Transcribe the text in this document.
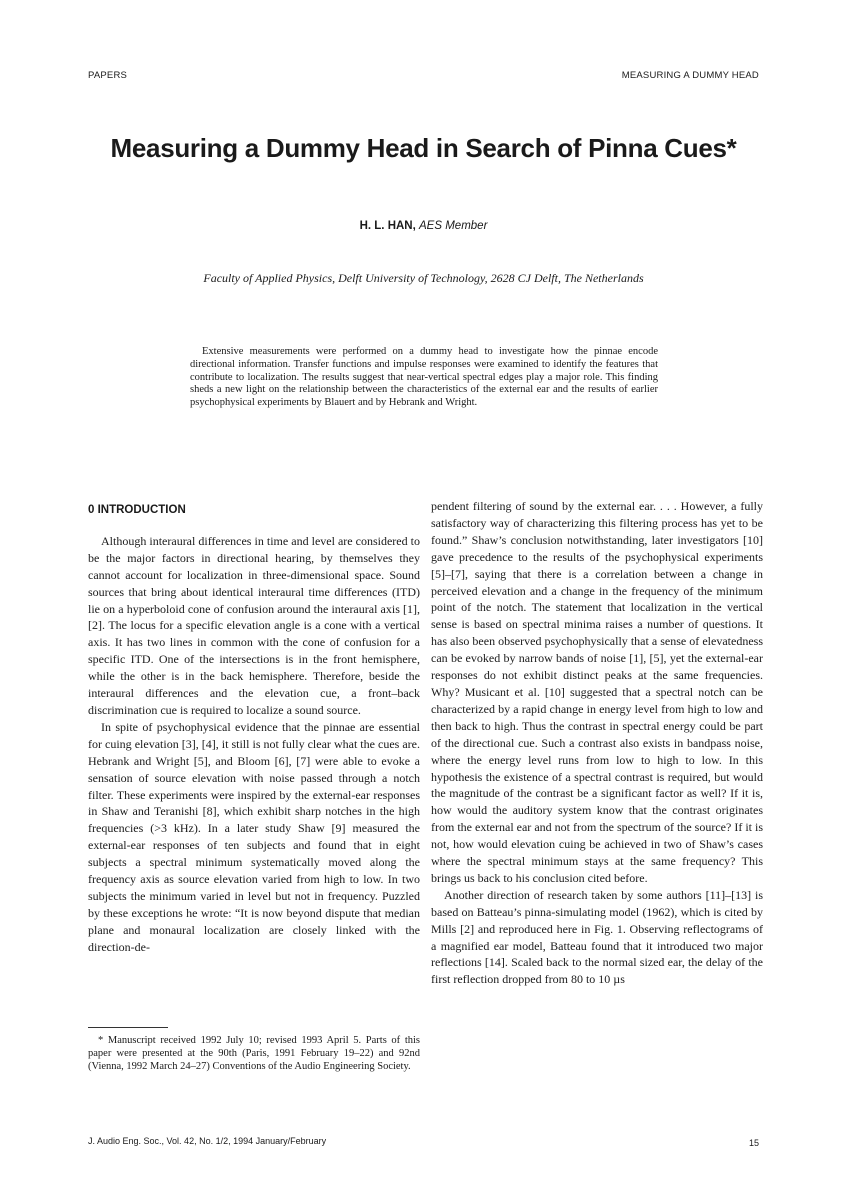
PAPERS	MEASURING A DUMMY HEAD
Measuring a Dummy Head in Search of Pinna Cues*
H. L. HAN, AES Member
Faculty of Applied Physics, Delft University of Technology, 2628 CJ Delft, The Netherlands
Extensive measurements were performed on a dummy head to investigate how the pinnae encode directional information. Transfer functions and impulse responses were examined to identify the features that contribute to localization. The results suggest that near-vertical spectral edges play a major role. This finding sheds a new light on the relationship between the characteristics of the external ear and the results of earlier psychophysical experiments by Blauert and by Hebrank and Wright.
0 INTRODUCTION

Although interaural differences in time and level are considered to be the major factors in directional hearing, by themselves they cannot account for localization in three-dimensional space. Sound sources that bring about identical interaural time differences (ITD) lie on a hyperboloid cone of confusion around the interaural axis [1], [2]. The locus for a specific elevation angle is a cone with a vertical axis. It has two lines in common with the cone of confusion for a specific ITD. One of the intersections is in the front hemisphere, while the other is in the back hemisphere. Therefore, beside the interaural differences and the elevation cue, a front–back discrimination cue is required to localize a sound source.

In spite of psychophysical evidence that the pinnae are essential for cuing elevation [3], [4], it still is not fully clear what the cues are. Hebrank and Wright [5], and Bloom [6], [7] were able to evoke a sensation of source elevation with noise passed through a notch filter. These experiments were inspired by the external-ear responses in Shaw and Teranishi [8], which exhibit sharp notches in the high frequencies (>3 kHz). In a later study Shaw [9] measured the external-ear responses of ten subjects and found that in eight subjects a spectral minimum systematically moved along the frequency axis as source elevation varied from high to low. In two subjects the minimum varied in level but not in frequency. Puzzled by these exceptions he wrote: “It is now beyond dispute that median plane and monaural localization are closely linked with the direction-de-

pendent filtering of sound by the external ear. . . . However, a fully satisfactory way of characterizing this filtering process has yet to be found.” Shaw’s conclusion notwithstanding, later investigators [10] gave precedence to the results of the psychophysical experiments [5]–[7], saying that there is a correlation between a change in perceived elevation and a change in the frequency of the minimum point of the notch. The statement that localization in the vertical sense is based on spectral minima raises a number of questions. It has also been observed psychophysically that a sense of elevatedness can be evoked by narrow bands of noise [1], [5], yet the external-ear responses do not exhibit distinct peaks at the same frequencies. Why? Musicant et al. [10] suggested that a spectral notch can be characterized by a rapid change in energy level from high to low and then back to high. Thus the contrast in spectral energy could be part of the directional cue. Such a contrast also exists in bandpass noise, where the energy level runs from low to high to low. In this hypothesis the existence of a spectral contrast is required, but would the magnitude of the contrast be a significant factor as well? If it is, how would the auditory system know that the contrast originates from the external ear and not from the spectrum of the source? If it is not, how would elevation cuing be achieved in two of Shaw’s cases where the spectral minimum stays at the same frequency? This brings us back to his conclusion cited before.

Another direction of research taken by some authors [11]–[13] is based on Batteau’s pinna-simulating model (1962), which is cited by Mills [2] and reproduced here in Fig. 1. Observing reflectograms of a magnified ear model, Batteau found that it introduced two major reflections [14]. Scaled back to the normal sized ear, the delay of the first reflection dropped from 80 to 10 µs

* Manuscript received 1992 July 10; revised 1993 April 5. Parts of this paper were presented at the 90th (Paris, 1991 February 19–22) and 92nd (Vienna, 1992 March 24–27) Conventions of the Audio Engineering Society.
J. Audio Eng. Soc., Vol. 42, No. 1/2, 1994 January/February	15
